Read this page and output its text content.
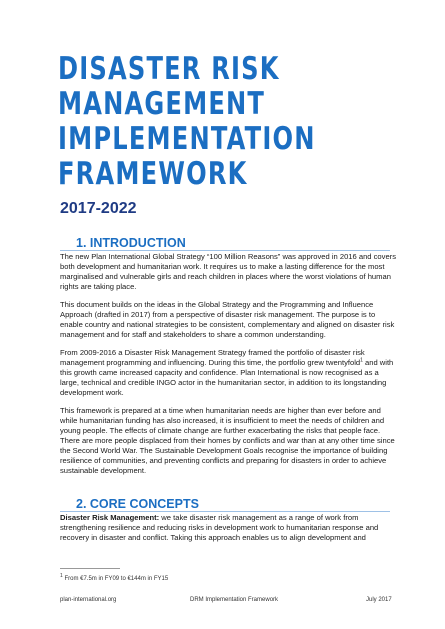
DISASTER RISK
MANAGEMENT
IMPLEMENTATION
FRAMEWORK
2017-2022
1. INTRODUCTION

The new Plan International Global Strategy “100 Million Reasons” was approved in 2016 and covers both development and humanitarian work. It requires us to make a lasting difference for the most marginalised and vulnerable girls and reach children in places where the worst violations of human rights are taking place.

This document builds on the ideas in the Global Strategy and the Programming and Influence Approach (drafted in 2017) from a perspective of disaster risk management. The purpose is to enable country and national strategies to be consistent, complementary and aligned on disaster risk management and for staff and stakeholders to share a common understanding.

From 2009-2016 a Disaster Risk Management Strategy framed the portfolio of disaster risk management programming and influencing. During this time, the portfolio grew twentyfold$^1$ and with this growth came increased capacity and confidence. Plan International is now recognised as a large, technical and credible INGO actor in the humanitarian sector, in addition to its longstanding development work.

This framework is prepared at a time when humanitarian needs are higher than ever before and while humanitarian funding has also increased, it is insufficient to meet the needs of children and young people. The effects of climate change are further exacerbating the risks that people face. There are more people displaced from their homes by conflicts and war than at any other time since the Second World War. The Sustainable Development Goals recognise the importance of building resilience of communities, and preventing conflicts and preparing for disasters in order to achieve sustainable development.

2. CORE CONCEPTS

Disaster Risk Management: we take disaster risk management as a range of work from strengthening resilience and reducing risks in development work to humanitarian response and recovery in disaster and conflict. Taking this approach enables us to align development and

$^1$ From €7.5m in FY09 to €144m in FY15
plan-international.org	DRM Implementation Framework	July 2017
